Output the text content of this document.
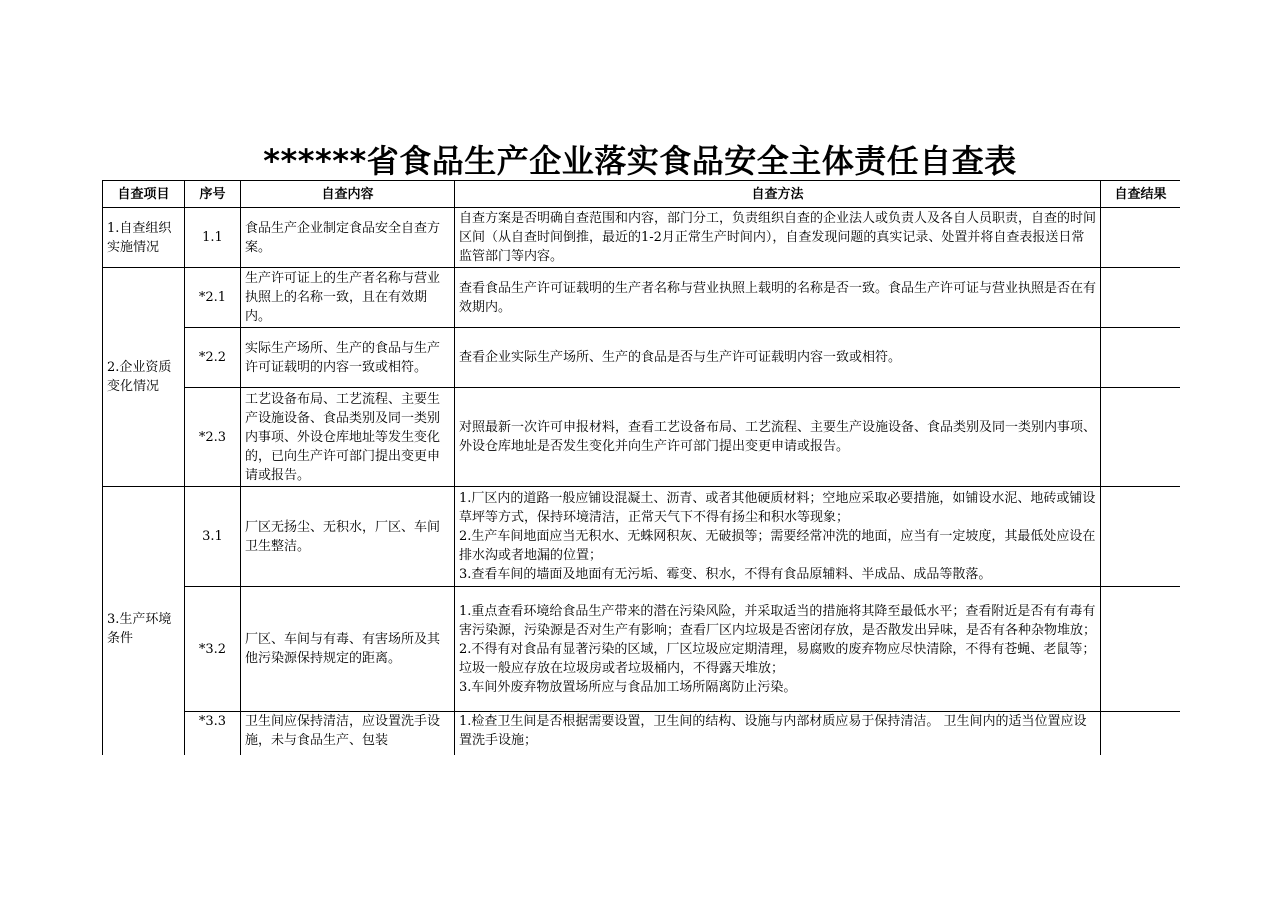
******省食品生产企业落实食品安全主体责任自查表
自查项目	序号	自查内容	自查方法	自查结果
1.自查组织实施情况	1.1	食品生产企业制定食品安全自查方案。	自查方案是否明确自查范围和内容，部门分工，负责组织自查的企业法人或负责人及各自人员职责，自查的时间区间（从自查时间倒推，最近的1-2月正常生产时间内），自查发现问题的真实记录、处置并将自查表报送日常监管部门等内容。	

2.企业资质变化情况	*2.1	生产许可证上的生产者名称与营业执照上的名称一致，且在有效期内。	查看食品生产许可证载明的生产者名称与营业执照上载明的名称是否一致。食品生产许可证与营业执照是否在有效期内。	

	*2.2	实际生产场所、生产的食品与生产许可证载明的内容一致或相符。	查看企业实际生产场所、生产的食品是否与生产许可证载明内容一致或相符。	

	*2.3	工艺设备布局、工艺流程、主要生产设施设备、食品类别及同一类别内事项、外设仓库地址等发生变化的，已向生产许可部门提出变更申请或报告。	对照最新一次许可申报材料，查看工艺设备布局、工艺流程、主要生产设施设备、食品类别及同一类别内事项、外设仓库地址是否发生变化并向生产许可部门提出变更申请或报告。	

3.生产环境条件	3.1	厂区无扬尘、无积水，厂区、车间卫生整洁。	1.厂区内的道路一般应铺设混凝土、沥青、或者其他硬质材料；空地应采取必要措施，如铺设水泥、地砖或铺设草坪等方式，保持环境清洁，正常天气下不得有扬尘和积水等现象；
2.生产车间地面应当无积水、无蛛网积灰、无破损等；需要经常冲洗的地面，应当有一定坡度，其最低处应设在排水沟或者地漏的位置；
3.查看车间的墙面及地面有无污垢、霉变、积水，不得有食品原辅料、半成品、成品等散落。	

	*3.2	厂区、车间与有毒、有害场所及其他污染源保持规定的距离。	1.重点查看环境给食品生产带来的潜在污染风险，并采取适当的措施将其降至最低水平；查看附近是否有有毒有害污染源，污染源是否对生产有影响；查看厂区内垃圾是否密闭存放，是否散发出异味，是否有各种杂物堆放；
2.不得有对食品有显著污染的区域，厂区垃圾应定期清理，易腐败的废弃物应尽快清除，不得有苍蝇、老鼠等；垃圾一般应存放在垃圾房或者垃圾桶内，不得露天堆放；
3.车间外废弃物放置场所应与食品加工场所隔离防止污染。	

	*3.3	卫生间应保持清洁，应设置洗手设施，未与食品生产、包装	1.检查卫生间是否根据需要设置，卫生间的结构、设施与内部材质应易于保持清洁。 卫生间内的适当位置应设置洗手设施；	
